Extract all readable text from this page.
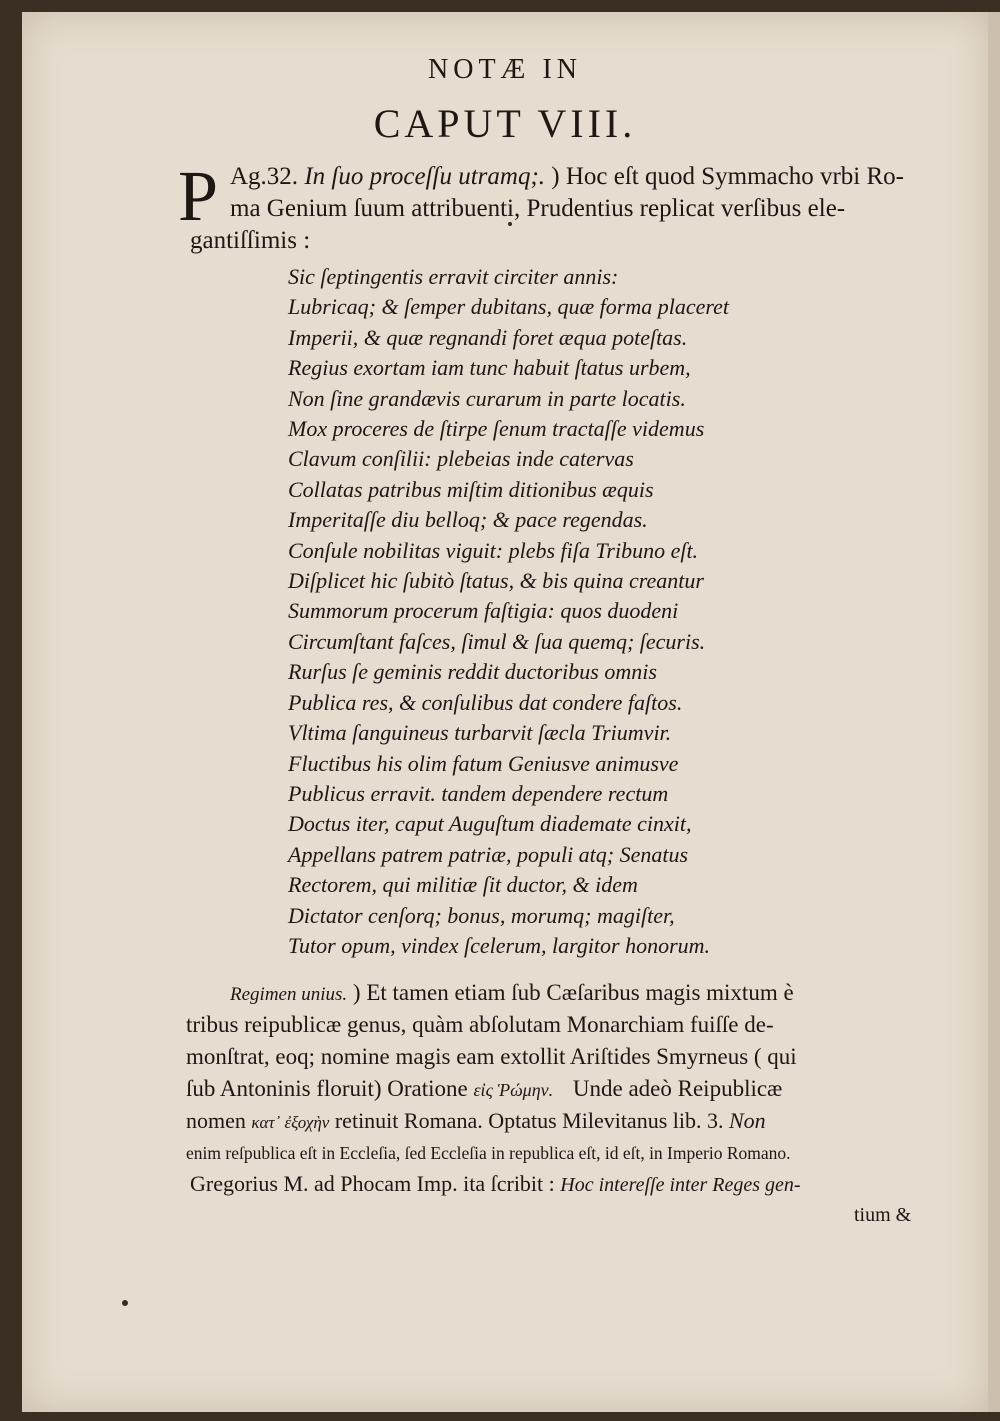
NOTÆ IN
CAPUT VIII.
P Ag.32. In ſuo proceſſu utramq;. ) Hoc eſt quod Symmacho vrbi Ro-
ma Genium ſuum attribuenti, Prudentius replicat verſibus ele-
gantiſſimis :
Sic ſeptingentis erravit circiter annis:
Lubricaq; & ſemper dubitans, quæ forma placeret
Imperii, & quæ regnandi foret æqua poteſtas.
Regius exortam iam tunc habuit ſtatus urbem,
Non ſine grandævis curarum in parte locatis.
Mox proceres de ſtirpe ſenum tractaſſe videmus
Clavum conſilii: plebeias inde catervas
Collatas patribus miſtim ditionibus æquis
Imperitaſſe diu belloq; & pace regendas.
Conſule nobilitas viguit: plebs fiſa Tribuno eſt.
Diſplicet hic ſubitò ſtatus, & bis quina creantur
Summorum procerum faſtigia: quos duodeni
Circumſtant faſces, ſimul & ſua quemq; ſecuris.
Rurſus ſe geminis reddit ductoribus omnis
Publica res, & conſulibus dat condere faſtos.
Vltima ſanguineus turbarvit ſæcla Triumvir.
Fluctibus his olim fatum Geniusve animusve
Publicus erravit. tandem dependere rectum
Doctus iter, caput Auguſtum diademate cinxit,
Appellans patrem patriæ, populi atq; Senatus
Rectorem, qui militiæ ſit ductor, & idem
Dictator cenſorq; bonus, morumq; magiſter,
Tutor opum, vindex ſcelerum, largitor honorum.
Regimen unius. ) Et tamen etiam ſub Cæſaribus magis mixtum è
tribus reipublicæ genus, quàm abſolutam Monarchiam fuiſſe de-
monſtrat, eoq; nomine magis eam extollit Ariſtides Smyrneus ( qui
ſub Antoninis floruit) Oratione εἰς Ῥώμην. Unde adeò Reipublicæ
nomen κατ᾽ ἐξοχὴν retinuit Romana. Optatus Milevitanus lib. 3. Non
enim reſpublica eſt in Eccleſia, ſed Eccleſia in republica eſt, id eſt, in Imperio Romano.
Gregorius M. ad Phocam Imp. ita ſcribit : Hoc intereſſe inter Reges gen-
tium &
